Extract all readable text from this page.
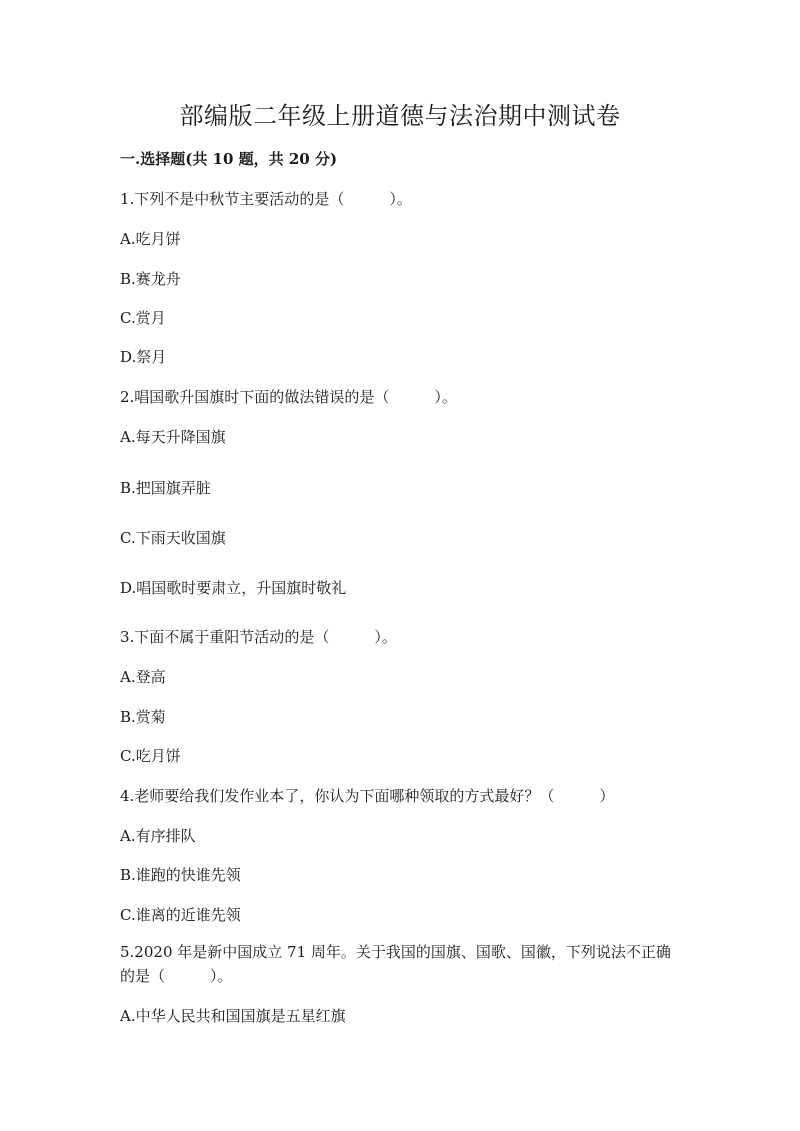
部编版二年级上册道德与法治期中测试卷
一.选择题(共 10 题，共 20 分)
1.下列不是中秋节主要活动的是（　　　）。
A.吃月饼
B.赛龙舟
C.赏月
D.祭月
2.唱国歌升国旗时下面的做法错误的是（　　　）。
A.每天升降国旗
B.把国旗弄脏
C.下雨天收国旗
D.唱国歌时要肃立，升国旗时敬礼
3.下面不属于重阳节活动的是（　　　）。
A.登高
B.赏菊
C.吃月饼
4.老师要给我们发作业本了，你认为下面哪种领取的方式最好？（　　　）
A.有序排队
B.谁跑的快谁先领
C.谁离的近谁先领
5.2020 年是新中国成立 71 周年。关于我国的国旗、国歌、国徽，下列说法不正确的是（　　　）。
A.中华人民共和国国旗是五星红旗
